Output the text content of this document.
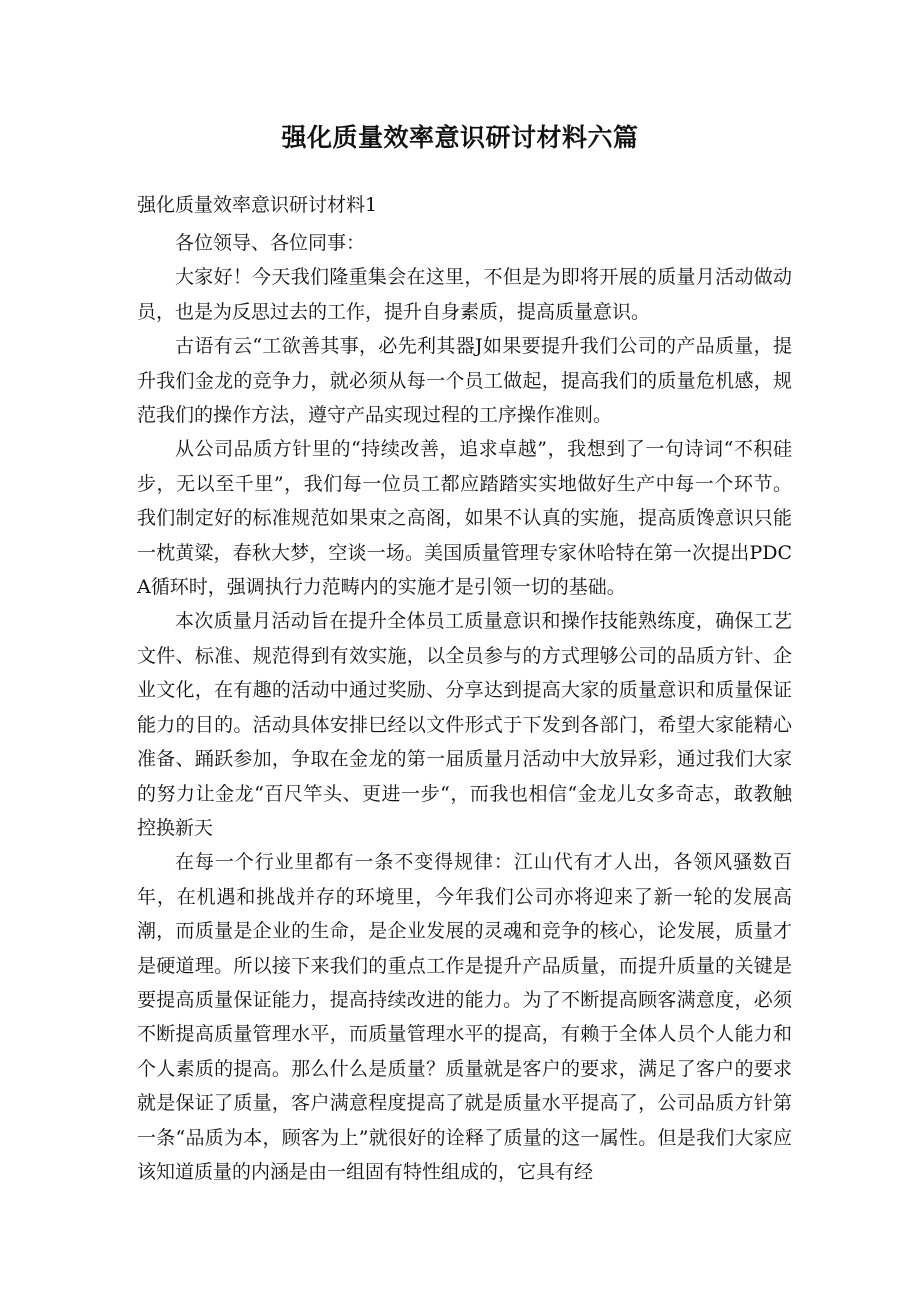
强化质量效率意识研讨材料六篇
强化质量效率意识研讨材料1

各位领导、各位同事：

大家好！今天我们隆重集会在这里，不但是为即将开展的质量月活动做动员，也是为反思过去的工作，提升自身素质，提高质量意识。

古语有云“工欲善其事，必先利其器J如果要提升我们公司的产品质量，提升我们金龙的竞争力，就必须从每一个员工做起，提高我们的质量危机感，规范我们的操作方法，遵守产品实现过程的工序操作准则。

从公司品质方针里的“持续改善，追求卓越”，我想到了一句诗词“不积硅步，无以至千里”，我们每一位员工都应踏踏实实地做好生产中每一个环节。我们制定好的标准规范如果束之高阁，如果不认真的实施，提高质馋意识只能一枕黄粱，春秋大梦，空谈一场。美国质量管理专家休哈特在第一次提出PDCA循环时，强调执行力范畴内的实施才是引领一切的基础。

本次质量月活动旨在提升全体员工质量意识和操作技能熟练度，确保工艺文件、标准、规范得到有效实施，以全员参与的方式理够公司的品质方针、企业文化，在有趣的活动中通过奖励、分享达到提高大家的质量意识和质量保证能力的目的。活动具体安排巳经以文件形式于下发到各部门，希望大家能精心准备、踊跃参加，争取在金龙的第一届质量月活动中大放异彩，通过我们大家的努力让金龙“百尺竿头、更进一步“，而我也相信“金龙儿女多奇志，敢教触控换新天

在每一个行业里都有一条不变得规律：江山代有才人出，各领风骚数百年，在机遇和挑战并存的环境里，今年我们公司亦将迎来了新一轮的发展高潮，而质量是企业的生命，是企业发展的灵魂和竞争的核心，论发展，质量才是硬道理。所以接下来我们的重点工作是提升产品质量，而提升质量的关键是要提高质量保证能力，提高持续改进的能力。为了不断提高顾客满意度，必须不断提高质量管理水平，而质量管理水平的提高，有赖于全体人员个人能力和个人素质的提高。那么什么是质量？质量就是客户的要求，满足了客户的要求就是保证了质量，客户满意程度提高了就是质量水平提高了，公司品质方针第一条“品质为本，顾客为上”就很好的诠释了质量的这一属性。但是我们大家应该知道质量的内涵是由一组固有特性组成的，它具有经
